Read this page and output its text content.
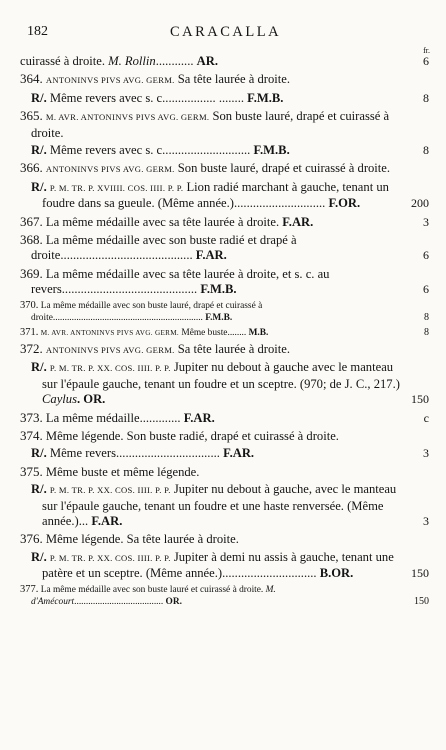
182	CARACALLA
fr.
cuirassé à droite. M. Rollin............ AR.	6
364. ANTONINVS PIVS AVG. GERM. Sa tête laurée à droite.
R/. Même revers avec s. c................. ........ F.M.B.	8
365. M. AVR. ANTONINVS PIVS AVG. GERM. Son buste lauré, drapé et cuirassé à droite.
R/. Même revers avec s. c............................ F.M.B.	8
366. ANTONINVS PIVS AVG. GERM. Son buste lauré, drapé et cuirassé à droite.
R/. P. M. TR. P. XVIIII. COS. IIII. P. P. Lion radié marchant à gauche, tenant un foudre dans sa gueule. (Même année.)............................. F.OR.	200
367. La même médaille avec sa tête laurée à droite. F.AR.	3
368. La même médaille avec son buste radié et drapé à droite.......................................... F.AR.	6
369. La même médaille avec sa tête laurée à droite, et s. c. au revers........................................... F.M.B.	6
370. La même médaille avec son buste lauré, drapé et cuirassé à droite................................................................ F.M.B.	8
371. M. AVR. ANTONINVS PIVS AVG. GERM. Même buste........ M.B.	8
372. ANTONINVS PIVS AVG. GERM. Sa tête laurée à droite.
R/. P. M. TR. P. XX. COS. IIII. P. P. Jupiter nu debout à gauche avec le manteau sur l'épaule gauche, tenant un foudre et un sceptre. (970; de J. C., 217.) Caylus. OR.	150
373. La même médaille............. F.AR.	c
374. Même légende. Son buste radié, drapé et cuirassé à droite.
R/. Même revers................................. F.AR.	3
375. Même buste et même légende.
R/. P. M. TR. P. XX. COS. IIII. P. P. Jupiter nu debout à gauche, avec le manteau sur l'épaule gauche, tenant un foudre et une haste renversée. (Même année.)... F.AR.	3
376. Même légende. Sa tête laurée à droite.
R/. P. M. TR. P. XX. COS. IIII. P. P. Jupiter à demi nu assis à gauche, tenant une patère et un sceptre. (Même année.).............................. B.OR.	150
377. La même médaille avec son buste lauré et cuirassé à droite. M. d'Amécourt...................................... OR.	150
